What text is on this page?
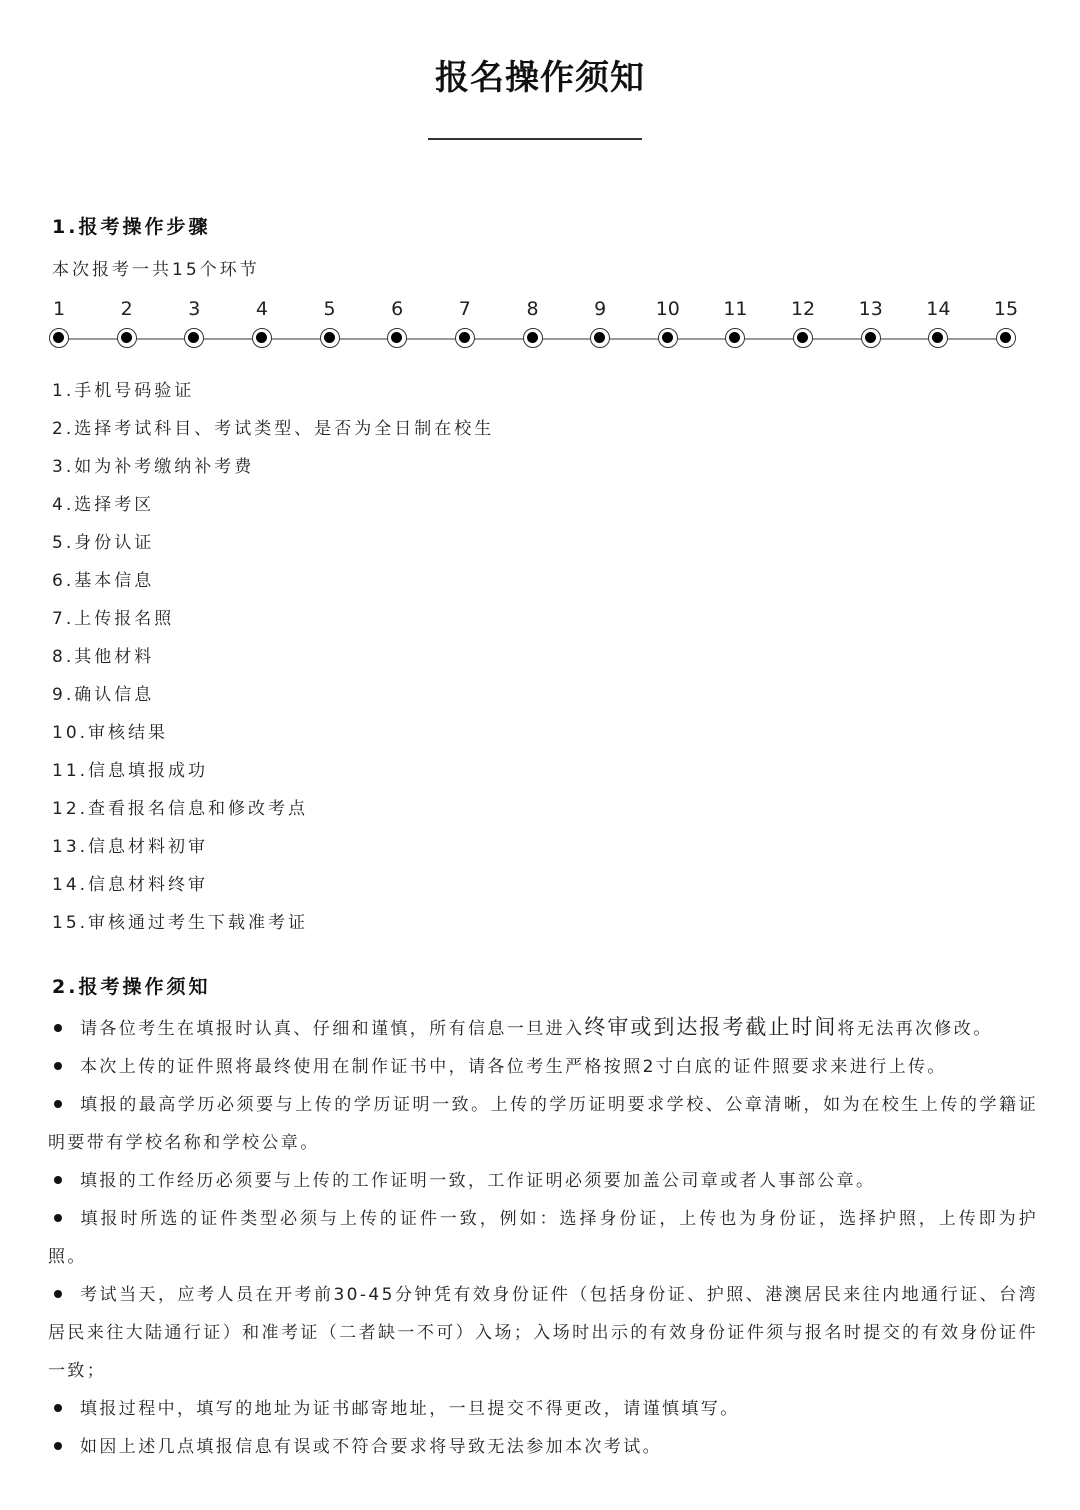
报名操作须知
1.报考操作步骤
本次报考一共15个环节
1	2	3	4	5	6	7	8	9	10	11	12	13	14	15
1.手机号码验证
2.选择考试科目、考试类型、是否为全日制在校生
3.如为补考缴纳补考费
4.选择考区
5.身份认证
6.基本信息
7.上传报名照
8.其他材料
9.确认信息
10.审核结果
11.信息填报成功
12.查看报名信息和修改考点
13.信息材料初审
14.信息材料终审
15.审核通过考生下载准考证
2.报考操作须知
请各位考生在填报时认真、仔细和谨慎，所有信息一旦进入终审或到达报考截止时间将无法再次修改。
本次上传的证件照将最终使用在制作证书中，请各位考生严格按照2寸白底的证件照要求来进行上传。
填报的最高学历必须要与上传的学历证明一致。上传的学历证明要求学校、公章清晰，如为在校生上传的学籍证明要带有学校名称和学校公章。
填报的工作经历必须要与上传的工作证明一致，工作证明必须要加盖公司章或者人事部公章。
填报时所选的证件类型必须与上传的证件一致，例如：选择身份证，上传也为身份证，选择护照，上传即为护照。
考试当天，应考人员在开考前30-45分钟凭有效身份证件（包括身份证、护照、港澳居民来往内地通行证、台湾居民来往大陆通行证）和准考证（二者缺一不可）入场；入场时出示的有效身份证件须与报名时提交的有效身份证件一致；
填报过程中，填写的地址为证书邮寄地址，一旦提交不得更改，请谨慎填写。
如因上述几点填报信息有误或不符合要求将导致无法参加本次考试。
